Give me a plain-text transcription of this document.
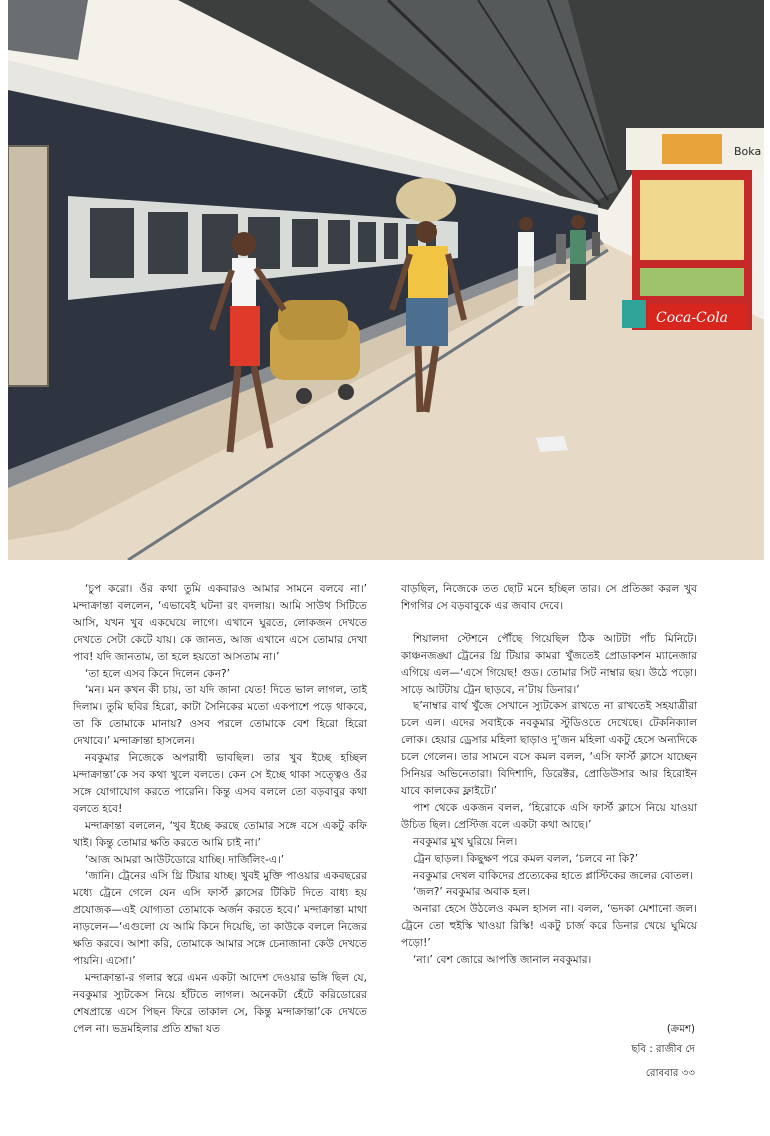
Boka
Coca-Cola

‘চুপ করো। ওঁর কথা তুমি একবারও আমার সামনে বলবে না।’ মন্দাক্রান্তা বললেন, ‘এভাবেই ঘটনা রং বদলায়। আমি সাউথ সিটিতে আসি, যখন খুব একঘেয়ে লাগে। এখানে ঘুরতে, লোকজন দেখতে দেখতে সেটা কেটে যায়। কে জানত, আজ এখানে এসে তোমার দেখা পাব! যদি জানতাম, তা হলে হয়তো আসতাম না।’

‘তা হলে এসব কিনে দিলেন কেন?’

‘মন। মন কখন কী চায়, তা যদি জানা যেত! দিতে ভাল লাগল, তাই দিলাম। তুমি ছবির হিরো, কাটা সৈনিকের মতো একপাশে পড়ে থাকবে, তা কি তোমাকে মানায়? ওসব পরলে তোমাকে বেশ হিরো হিরো দেখাবে।’ মন্দাক্রান্তা হাসলেন।

নবকুমার নিজেকে অপরাধী ভাবছিল। তার খুব ইচ্ছে হচ্ছিল মন্দাক্রান্তা’কে সব কথা খুলে বলতে। কেন সে ইচ্ছে থাকা সত্ত্বেও ওঁর সঙ্গে যোগাযোগ করতে পারেনি। কিন্তু এসব বললে তো বড়বাবুর কথা বলতে হবে!

মন্দাক্রান্তা বললেন, ‘খুব ইচ্ছে করছে তোমার সঙ্গে বসে একটু কফি খাই। কিন্তু তোমার ক্ষতি করতে আমি চাই না।’

‘আজ আমরা আউটডোরে যাচ্ছি। দার্জিলিং-এ।’

‘জানি। ট্রেনের এসি থ্রি টিয়ার যাচ্ছ। খুবই মুক্তি পাওয়ার একবছরের মধ্যে ট্রেনে গেলে যেন এসি ফার্স্ট ক্লাসের টিকিট দিতে বাধ্য হয় প্রযোজক—এই যোগ্যতা তোমাকে অর্জন করতে হবে।’ মন্দাক্রান্তা মাথা নাড়লেন—‘এগুলো যে আমি কিনে দিয়েছি, তা কাউকে বললে নিজের ক্ষতি করবে। আশা করি, তোমাকে আমার সঙ্গে চেনাজানা কেউ দেখতে পায়নি। এসো।’

মন্দাক্রান্তা-র গলার স্বরে এমন একটা আদেশ দেওয়ার ভঙ্গি ছিল যে, নবকুমার স্যুটকেস নিয়ে হাঁটতে লাগল। অনেকটা হেঁটে করিডোরের শেষপ্রান্তে এসে পিছন ফিরে তাকাল সে, কিন্তু মন্দাক্রান্তা’কে দেখতে পেল না। ভদ্রমহিলার প্রতি শ্রদ্ধা যত

বাড়ছিল, নিজেকে তত ছোট মনে হচ্ছিল তার। সে প্রতিজ্ঞা করল খুব শিগগির সে বড়বাবুকে এর জবাব দেবে।

শিয়ালদা স্টেশনে পৌঁছে গিয়েছিল ঠিক আটটা পাঁচ মিনিটে। কাঞ্চনজঙ্ঘা ট্রেনের থ্রি টিয়ার কামরা খুঁজতেই প্রোডাকশন ম্যানেজার এগিয়ে এল—‘এসে গিয়েছ! গুড। তোমার সিট নাম্বার ছয়। উঠে পড়ো। সাড়ে আটটায় ট্রেন ছাড়বে, ন’টায় ডিনার।’

ছ’নাম্বার বার্থ খুঁজে সেখানে স্যুটকেস রাখতে না রাখতেই সহযাত্রীরা চলে এল। এদের সবাইকে নবকুমার স্টুডিওতে দেখেছে। টেকনিক্যাল লোক। হেয়ার ড্রেসার মহিলা ছাড়াও দু’জন মহিলা একটু হেসে অন্যদিকে চলে গেলেন। তার সামনে বসে কমল বলল, ‘এসি ফার্স্ট ক্লাসে যাচ্ছেন সিনিয়র অভিনেতারা। বিদিশাদি, ডিরেক্টর, প্রোডিউসার আর হিরোইন যাবে কালকের ফ্লাইটে।’

পাশ থেকে একজন বলল, ‘হিরোকে এসি ফার্স্ট ক্লাসে নিয়ে যাওয়া উচিত ছিল। প্রেস্টিজ বলে একটা কথা আছে।’

নবকুমার মুখ ঘুরিয়ে নিল।

ট্রেন ছাড়ল। কিছুক্ষণ পরে কমল বলল, ‘চলবে না কি?’

নবকুমার দেখল বাকিদের প্রত্যেকের হাতে প্লাস্টিকের জলের বোতল।

‘জল?’ নবকুমার অবাক হল।

অনারা হেসে উঠলেও কমল হাসল না। বলল, ‘ভদকা মেশানো জল। ট্রেনে তো হুইস্কি খাওয়া রিস্কি! একটু চার্জ করে ডিনার খেয়ে ঘুমিয়ে পড়ো!’

‘না।’ বেশ জোরে আপত্তি জানাল নবকুমার।

(ক্রমশ)
ছবি : রাজীব দে
রোববার ৩৩
